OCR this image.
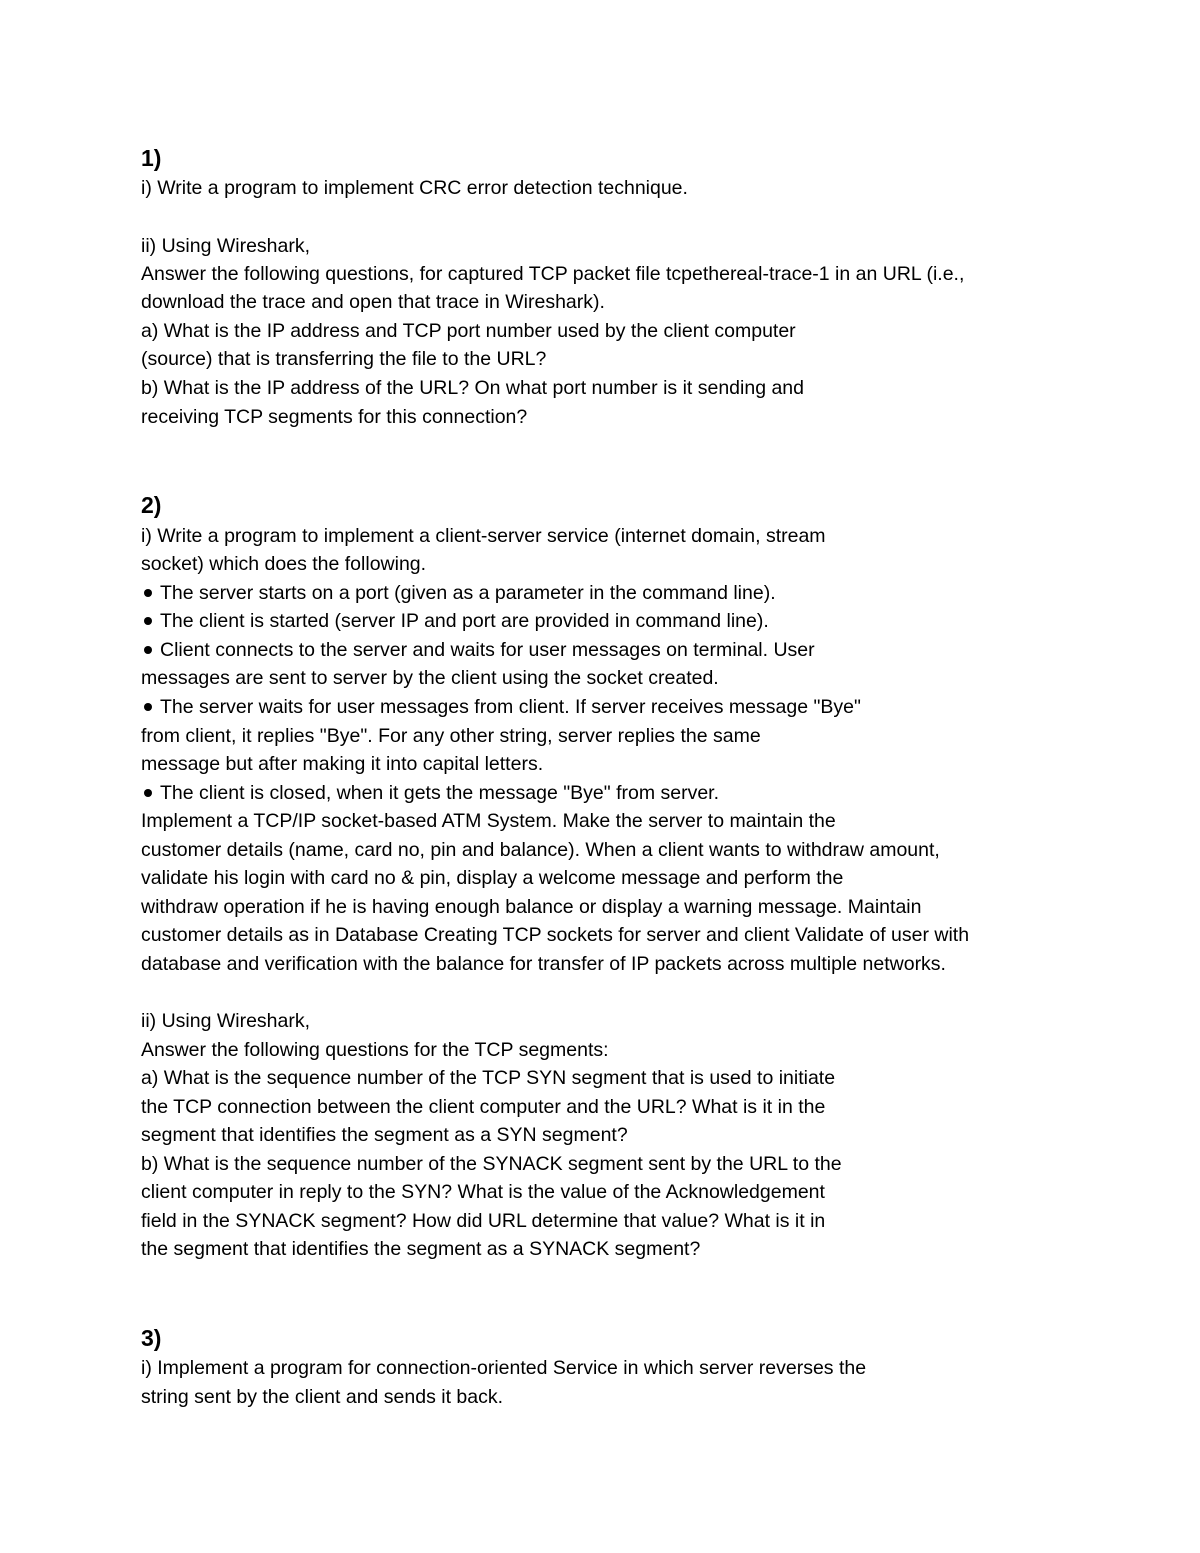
1)
i) Write a program to implement CRC error detection technique.
ii) Using Wireshark,
Answer the following questions, for captured TCP packet file tcpethereal-trace-1 in an URL (i.e.,
download the trace and open that trace in Wireshark).
a) What is the IP address and TCP port number used by the client computer
(source) that is transferring the file to the URL?
b) What is the IP address of the URL? On what port number is it sending and
receiving TCP segments for this connection?
2)
i) Write a program to implement a client-server service (internet domain, stream
socket) which does the following.
The server starts on a port (given as a parameter in the command line).
The client is started (server IP and port are provided in command line).
Client connects to the server and waits for user messages on terminal. User
messages are sent to server by the client using the socket created.
The server waits for user messages from client. If server receives message "Bye"
from client, it replies "Bye". For any other string, server replies the same
message but after making it into capital letters.
The client is closed, when it gets the message "Bye" from server.
Implement a TCP/IP socket-based ATM System. Make the server to maintain the
customer details (name, card no, pin and balance). When a client wants to withdraw amount,
validate his login with card no & pin, display a welcome message and perform the
withdraw operation if he is having enough balance or display a warning message. Maintain
customer details as in Database Creating TCP sockets for server and client Validate of user with
database and verification with the balance for transfer of IP packets across multiple networks.
ii) Using Wireshark,
Answer the following questions for the TCP segments:
a) What is the sequence number of the TCP SYN segment that is used to initiate
the TCP connection between the client computer and the URL? What is it in the
segment that identifies the segment as a SYN segment?
b) What is the sequence number of the SYNACK segment sent by the URL to the
client computer in reply to the SYN? What is the value of the Acknowledgement
field in the SYNACK segment? How did URL determine that value? What is it in
the segment that identifies the segment as a SYNACK segment?
3)
i) Implement a program for connection-oriented Service in which server reverses the
string sent by the client and sends it back.
